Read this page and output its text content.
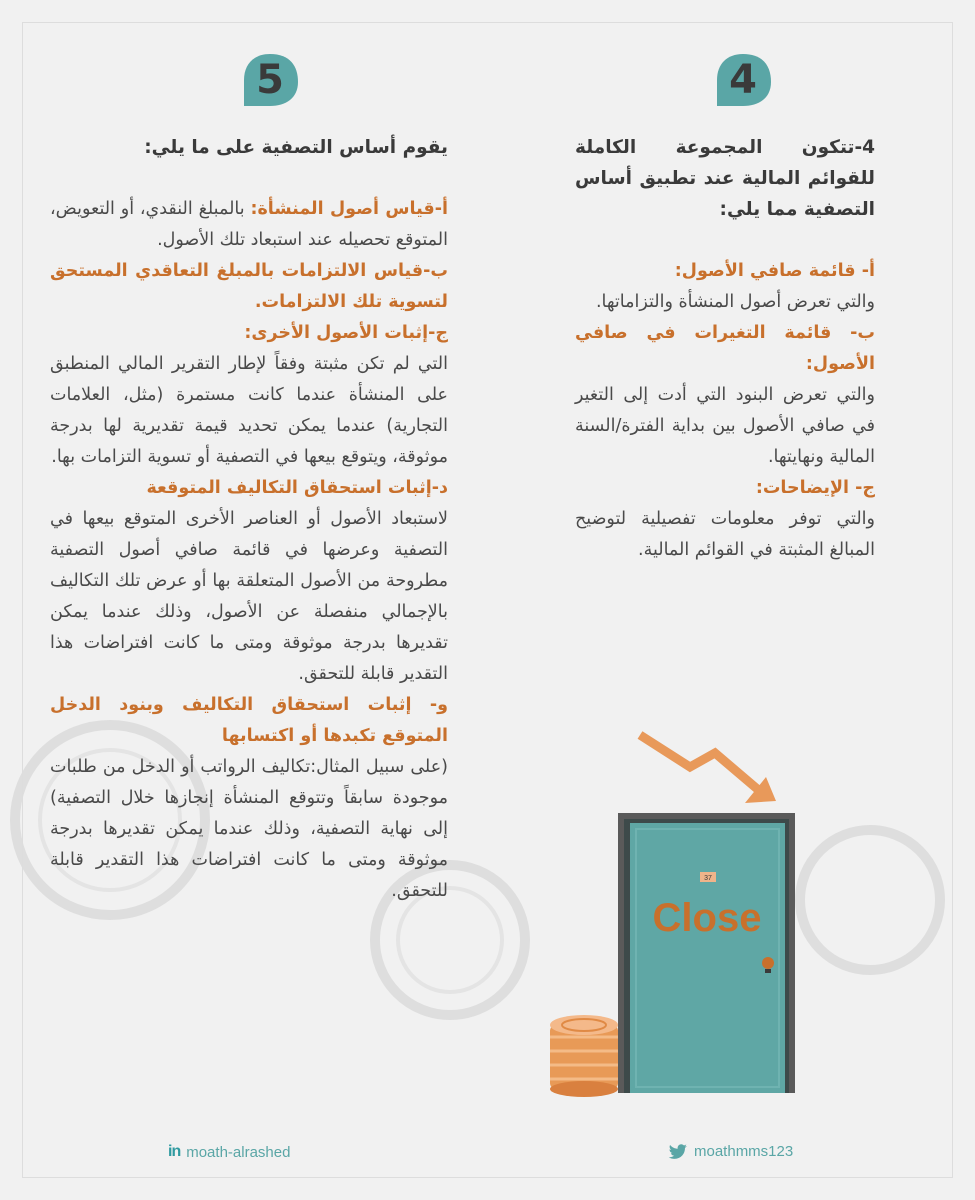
5	4

4-تتكون المجموعة الكاملة للقوائم المالية عند تطبيق أساس التصفية مما يلي:

أ- قائمة صافي الأصول:

والتي تعرض أصول المنشأة والتزاماتها.

ب- قائمة التغيرات في صافي الأصول:

والتي تعرض البنود التي أدت إلى التغير في صافي الأصول بين بداية الفترة/السنة المالية ونهايتها.

ج- الإيضاحات:

والتي توفر معلومات تفصيلية لتوضيح المبالغ المثبتة في القوائم المالية.

يقوم أساس التصفية على ما يلي:

أ-قياس أصول المنشأة: بالمبلغ النقدي، أو التعويض، المتوقع تحصيله عند استبعاد تلك الأصول.

ب-قياس الالتزامات بالمبلغ التعاقدي المستحق لتسوية تلك الالتزامات.

ج-إثبات الأصول الأخرى:

التي لم تكن مثبتة وفقاً لإطار التقرير المالي المنطبق على المنشأة عندما كانت مستمرة (مثل، العلامات التجارية) عندما يمكن تحديد قيمة تقديرية لها بدرجة موثوقة، ويتوقع بيعها في التصفية أو تسوية التزامات بها.

د-إثبات استحقاق التكاليف المتوقعة

لاستبعاد الأصول أو العناصر الأخرى المتوقع بيعها في التصفية وعرضها في قائمة صافي أصول التصفية مطروحة من الأصول المتعلقة بها أو عرض تلك التكاليف بالإجمالي منفصلة عن الأصول، وذلك عندما يمكن تقديرها بدرجة موثوقة ومتى ما كانت افتراضات هذا التقدير قابلة للتحقق.

و- إثبات استحقاق التكاليف وبنود الدخل المتوقع تكبدها أو اكتسابها

(على سبيل المثال:تكاليف الرواتب أو الدخل من طلبات موجودة سابقاً وتتوقع المنشأة إنجازها خلال التصفية) إلى نهاية التصفية، وذلك عندما يمكن تقديرها بدرجة موثوقة ومتى ما كانت افتراضات هذا التقدير قابلة للتحقق.

37
Close
in moath-alrashed	moathmms123
